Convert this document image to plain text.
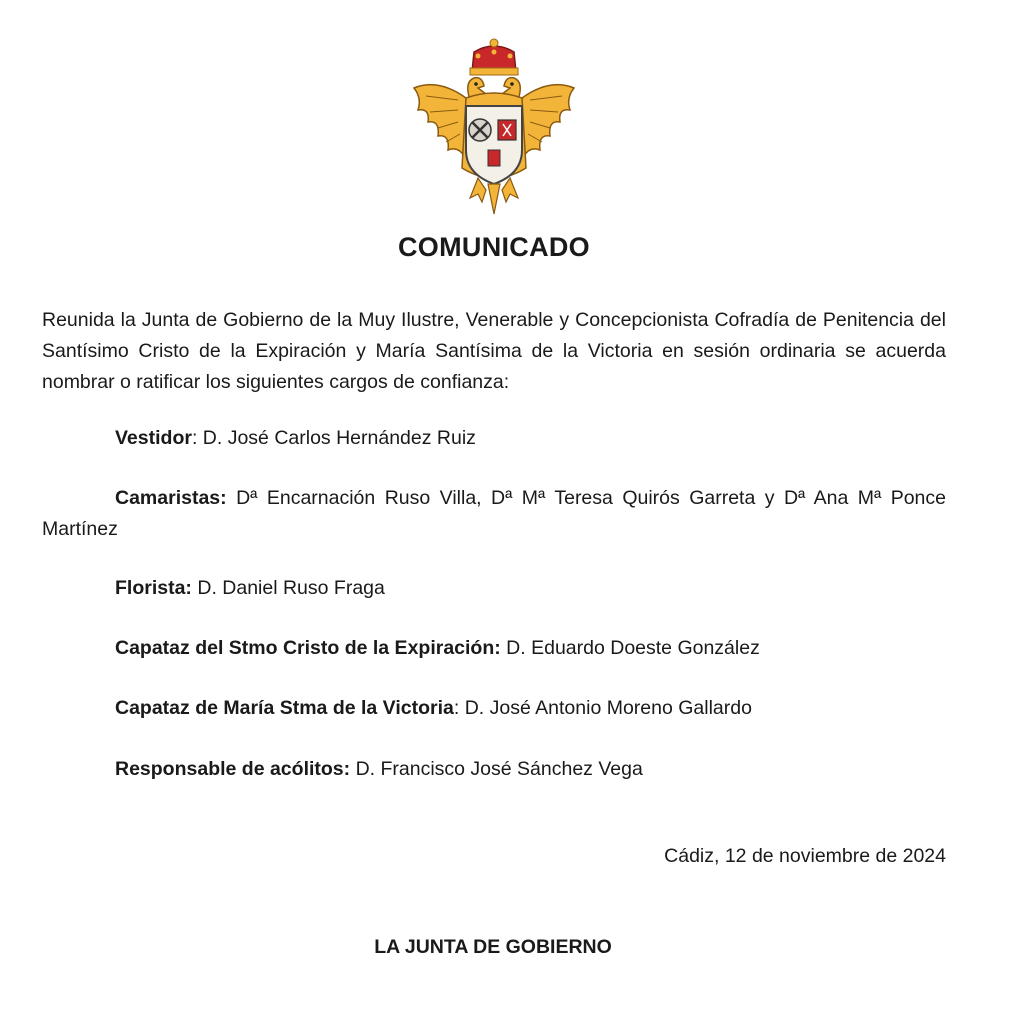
COMUNICADO
Reunida la Junta de Gobierno de la Muy Ilustre, Venerable y Concepcionista Cofradía de Penitencia del Santísimo Cristo de la Expiración y María Santísima de la Victoria en sesión ordinaria se acuerda nombrar o ratificar los siguientes cargos de confianza:
Vestidor: D. José Carlos Hernández Ruiz
Camaristas: Dª Encarnación Ruso Villa, Dª Mª Teresa Quirós Garreta y Dª Ana Mª Ponce Martínez
Florista: D. Daniel Ruso Fraga
Capataz del Stmo Cristo de la Expiración: D. Eduardo Doeste González
Capataz de María Stma de la Victoria: D. José Antonio Moreno Gallardo
Responsable de acólitos: D. Francisco José Sánchez Vega
Cádiz, 12 de noviembre de 2024
LA JUNTA DE GOBIERNO
